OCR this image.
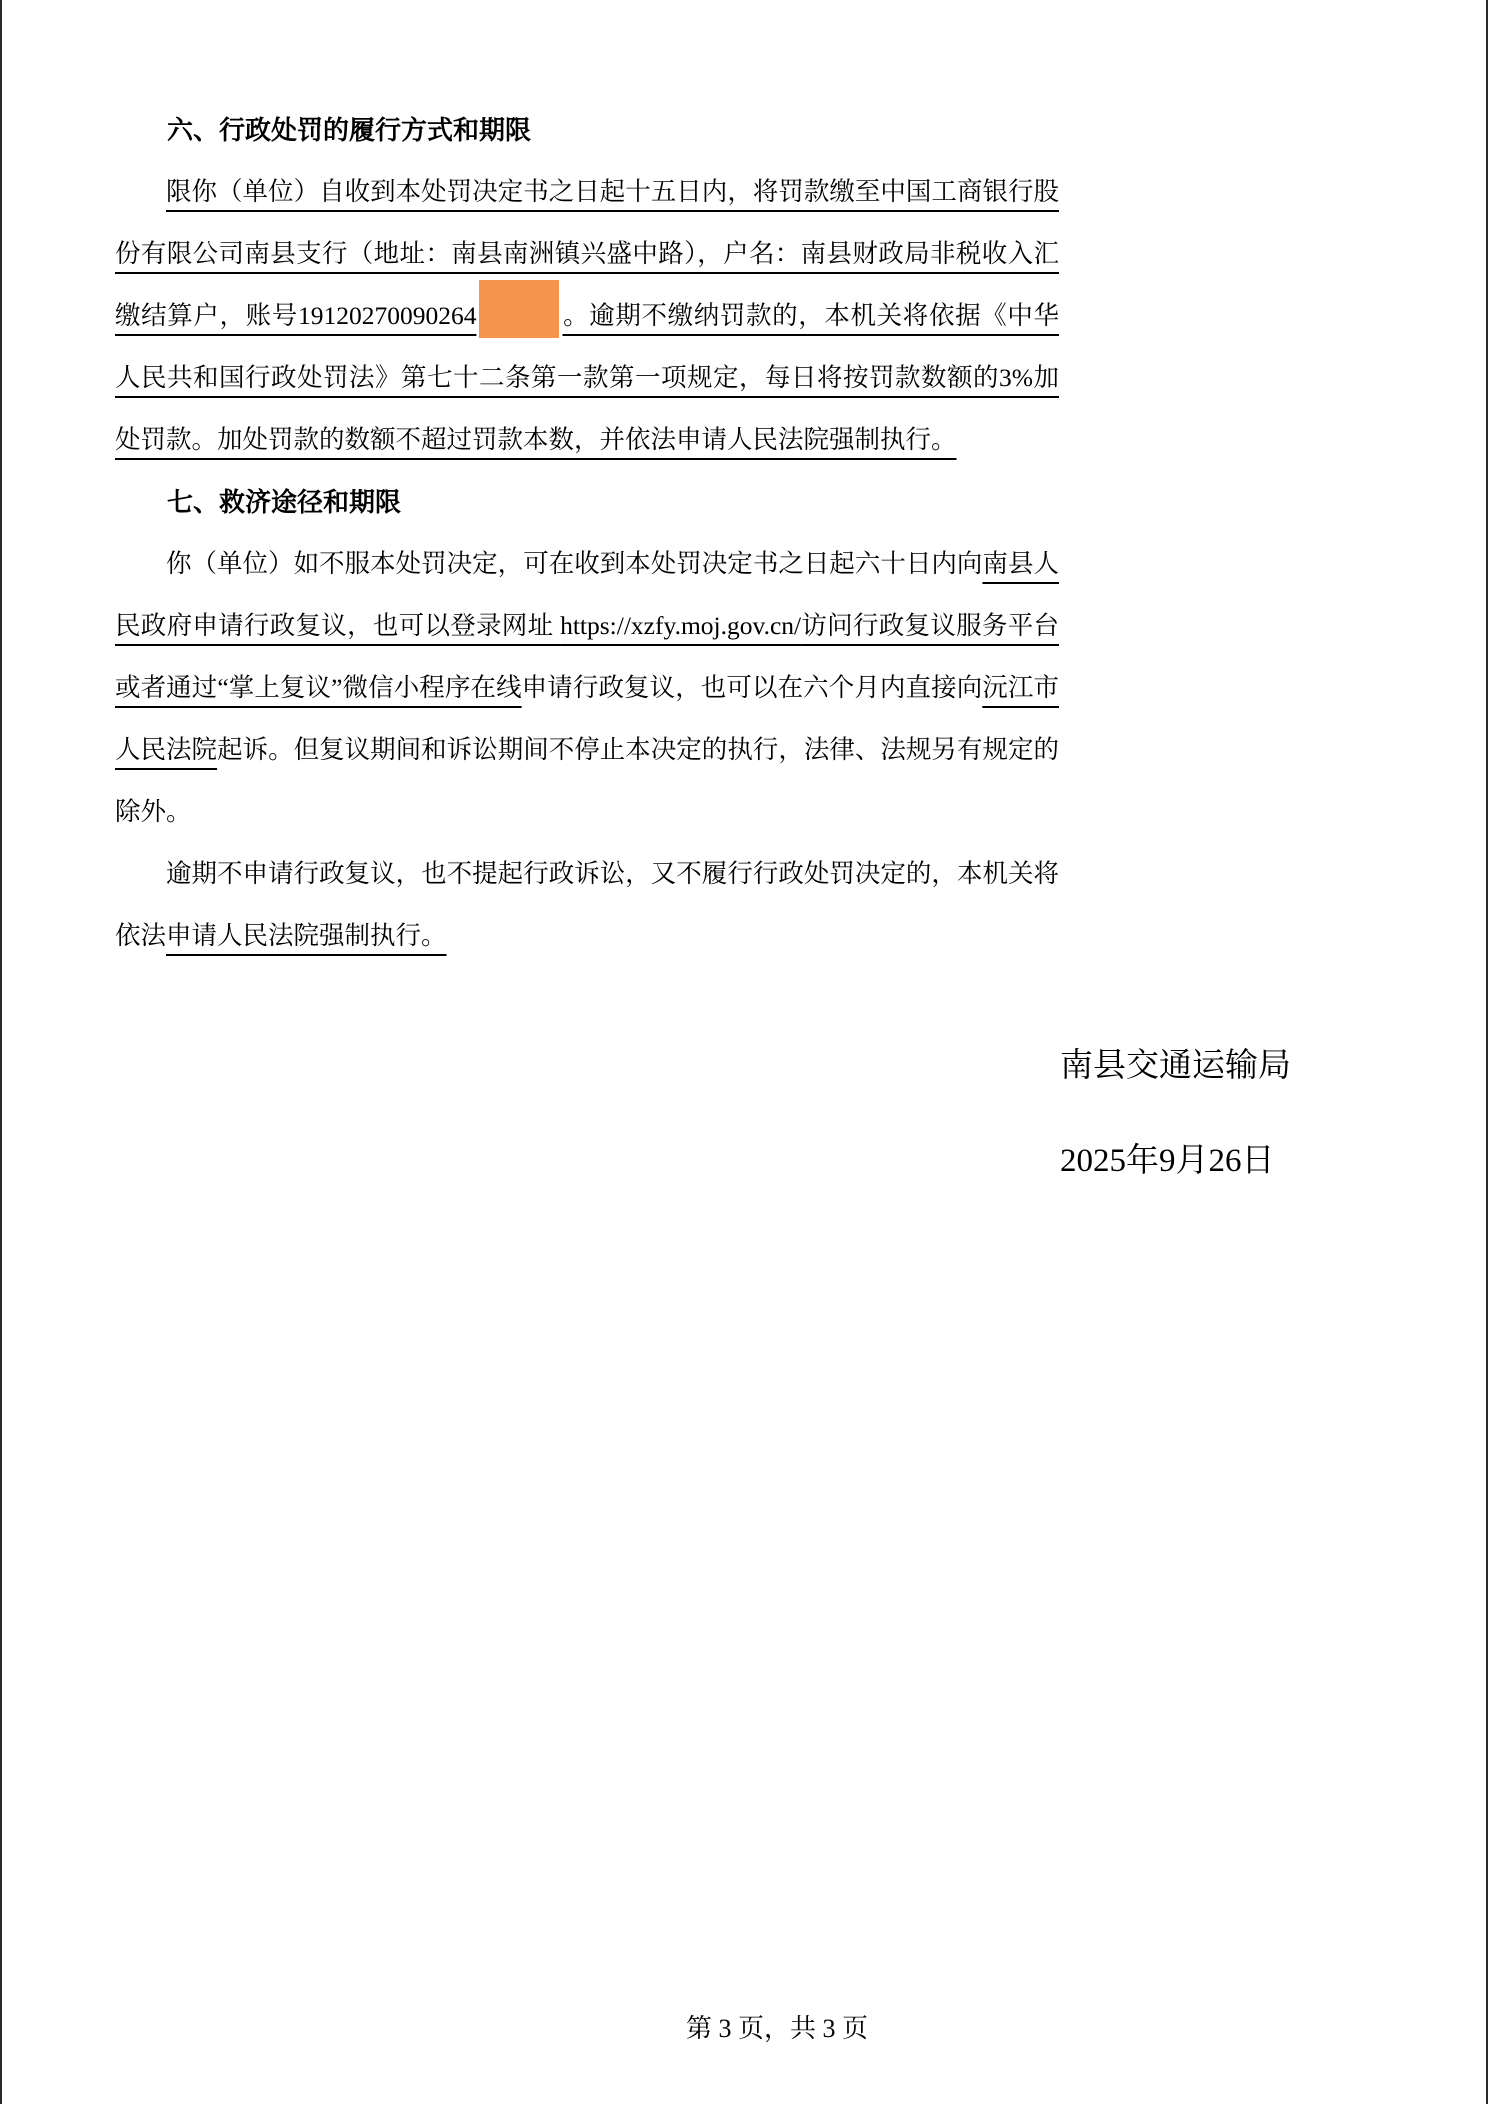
六、行政处罚的履行方式和期限

限你（单位）自收到本处罚决定书之日起十五日内，将罚款缴至中国工商银行股份有限公司南县支行（地址：南县南洲镇兴盛中路），户名：南县财政局非税收入汇缴结算户，账号19120270090264	。逾期不缴纳罚款的，本机关将依据《中华人民共和国行政处罚法》第七十二条第一款第一项规定，每日将按罚款数额的3%加处罚款。加处罚款的数额不超过罚款本数，并依法申请人民法院强制执行。

七、救济途径和期限

你（单位）如不服本处罚决定，可在收到本处罚决定书之日起六十日内向南县人民政府申请行政复议，也可以登录网址 https://xzfy.moj.gov.cn/访问行政复议服务平台或者通过“掌上复议”微信小程序在线申请行政复议，也可以在六个月内直接向沅江市人民法院起诉。但复议期间和诉讼期间不停止本决定的执行，法律、法规另有规定的除外。

逾期不申请行政复议，也不提起行政诉讼，又不履行行政处罚决定的，本机关将依法申请人民法院强制执行。

南县交通运输局
2025年9月26日
第 3 页，共 3 页
